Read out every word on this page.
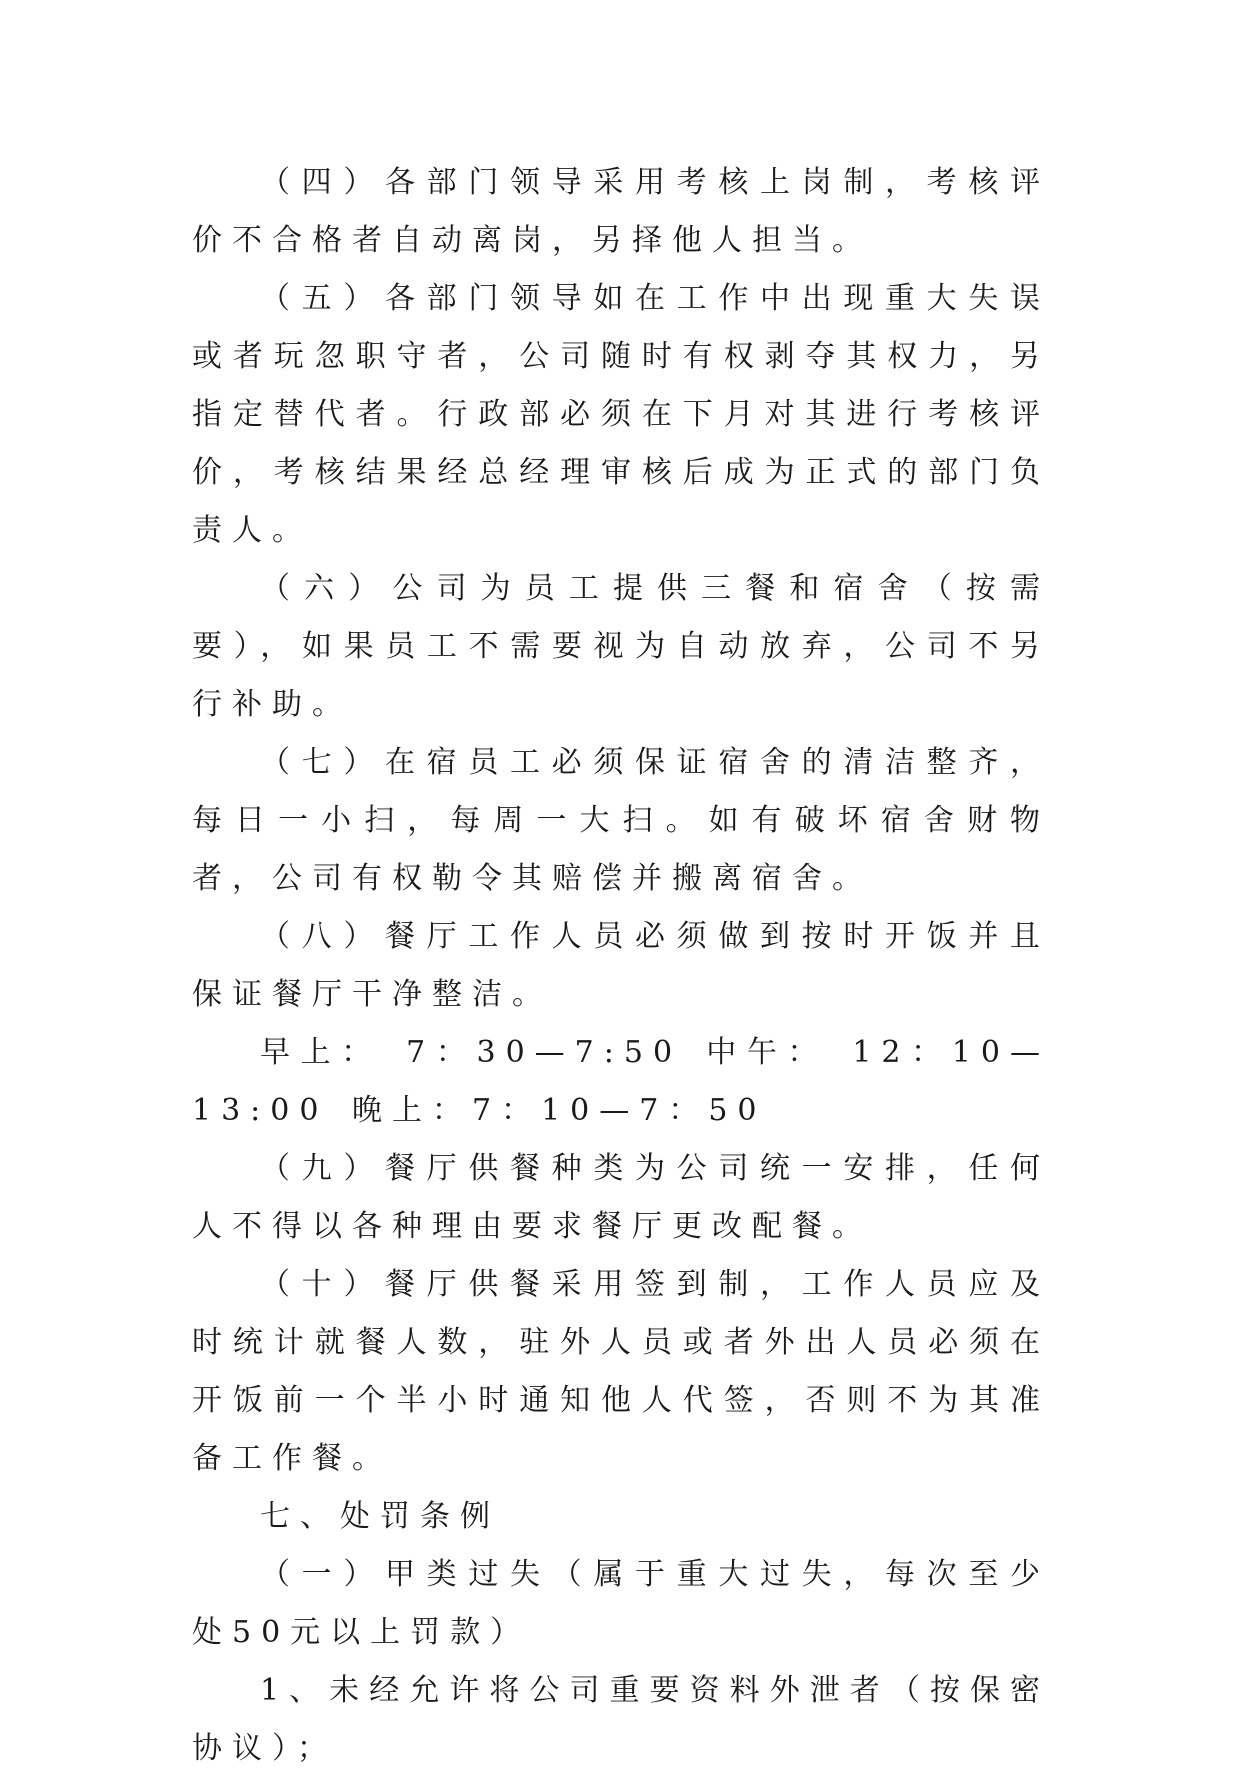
（四）各部门领导采用考核上岗制，考核评价不合格者自动离岗，另择他人担当。

（五）各部门领导如在工作中出现重大失误或者玩忽职守者，公司随时有权剥夺其权力，另指定替代者。行政部必须在下月对其进行考核评价，考核结果经总经理审核后成为正式的部门负责人。

（六）公司为员工提供三餐和宿舍（按需要），如果员工不需要视为自动放弃，公司不另行补助。

（七）在宿员工必须保证宿舍的清洁整齐，每日一小扫，每周一大扫。如有破坏宿舍财物者，公司有权勒令其赔偿并搬离宿舍。

（八）餐厅工作人员必须做到按时开饭并且保证餐厅干净整洁。

早上： 7：30—7:50 中午： 12：10—13:00 晚上：7：10—7：50

（九）餐厅供餐种类为公司统一安排，任何人不得以各种理由要求餐厅更改配餐。

（十）餐厅供餐采用签到制，工作人员应及时统计就餐人数，驻外人员或者外出人员必须在开饭前一个半小时通知他人代签，否则不为其准备工作餐。

七、处罚条例

（一）甲类过失（属于重大过失，每次至少处50元以上罚款）

1、未经允许将公司重要资料外泄者（按保密协议）；
